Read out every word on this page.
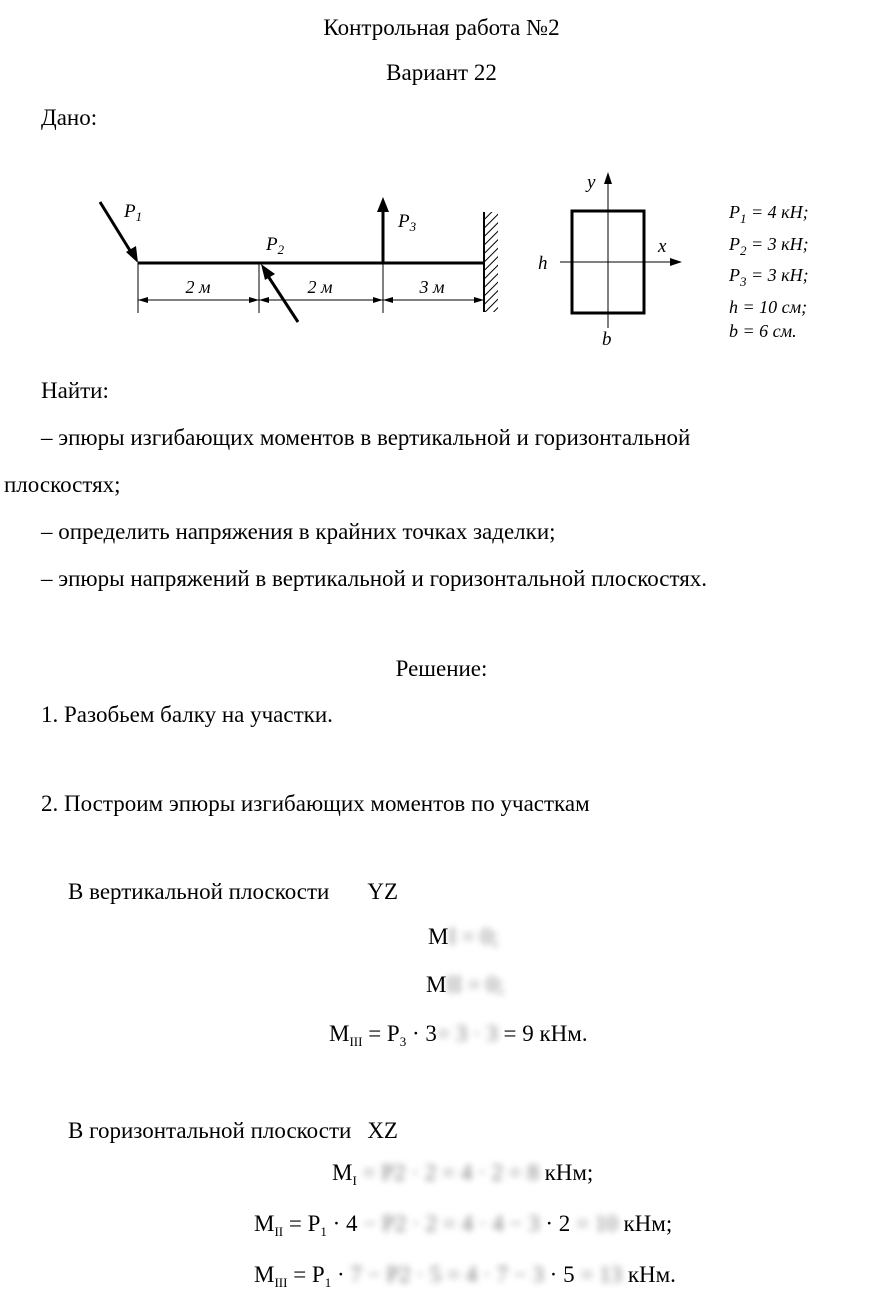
Контрольная работа №2
Вариант 22
Дано:
$P_1$
$P_2$
$P_3$
2 м	2 м	3 м
y
x
h
b
$P_1 = 4$ кН;
$P_2 = 3$ кН;
$P_3 = 3$ кН;
h = 10 см;
b = 6 см.
Найти:
– эпюры изгибающих моментов в вертикальной и горизонтальной
плоскостях;
– определить напряжения в крайних точках заделки;
– эпюры напряжений в вертикальной и горизонтальной плоскостях.
Решение:
1. Разобьем балку на участки.
2. Построим эпюры изгибающих моментов по участкам
В вертикальной плоскости YZ
MI = 0;
MII = 0;
$M_{III} = P_3 \cdot 3= 3 \cdot 3 = 9$ кНм.
В горизонтальной плоскости XZ
$M_I = P2 \cdot 2 = 4 \cdot 2 = 8$ кНм;
$M_{II} = P_1 \cdot 4 - P2 \cdot 2 = 4 \cdot 4 - 3 \cdot 2 = 10$ кНм;
$M_{III} = P_1 \cdot 7 - P2 \cdot 5 = 4 \cdot 7 - 3 \cdot 5 = 13$ кНм.
